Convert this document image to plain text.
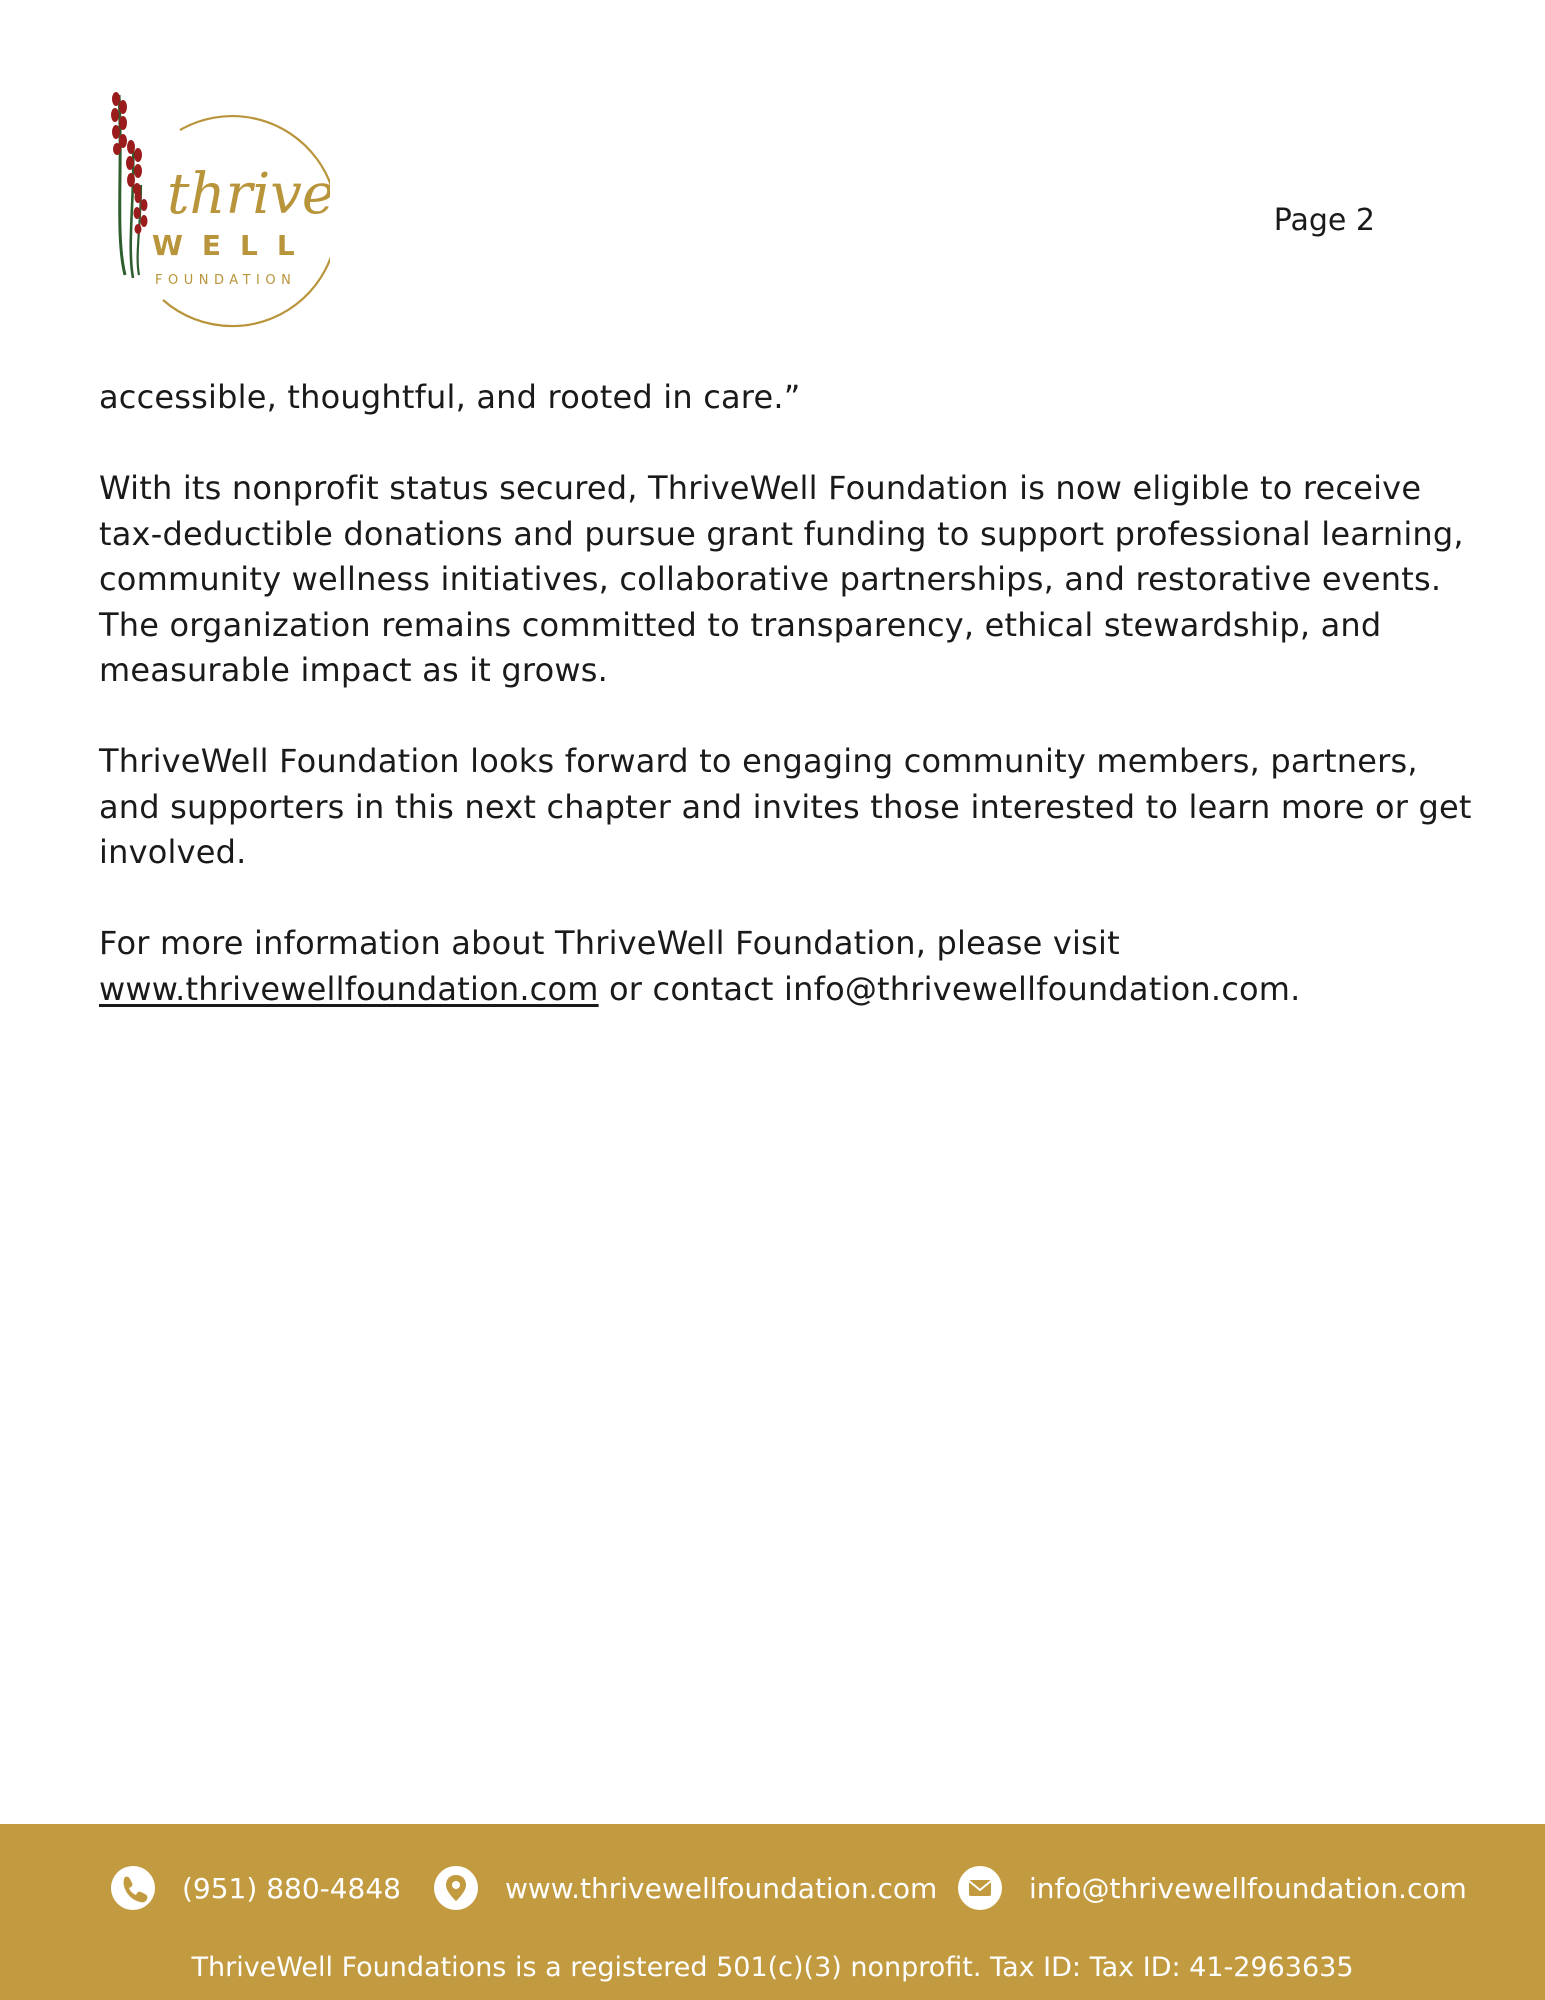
thrive
WELL
FOUNDATION
Page 2

accessible, thoughtful, and rooted in care.”

With its nonprofit status secured, ThriveWell Foundation is now eligible to receive tax-deductible donations and pursue grant funding to support professional learning, community wellness initiatives, collaborative partnerships, and restorative events. The organization remains committed to transparency, ethical stewardship, and measurable impact as it grows.

ThriveWell Foundation looks forward to engaging community members, partners, and supporters in this next chapter and invites those interested to learn more or get involved.

For more information about ThriveWell Foundation, please visit
www.thrivewellfoundation.com or contact info@thrivewellfoundation.com.

(951) 880-4848	www.thrivewellfoundation.com	info@thrivewellfoundation.com
ThriveWell Foundations is a registered 501(c)(3) nonprofit. Tax ID: Tax ID: 41-2963635
